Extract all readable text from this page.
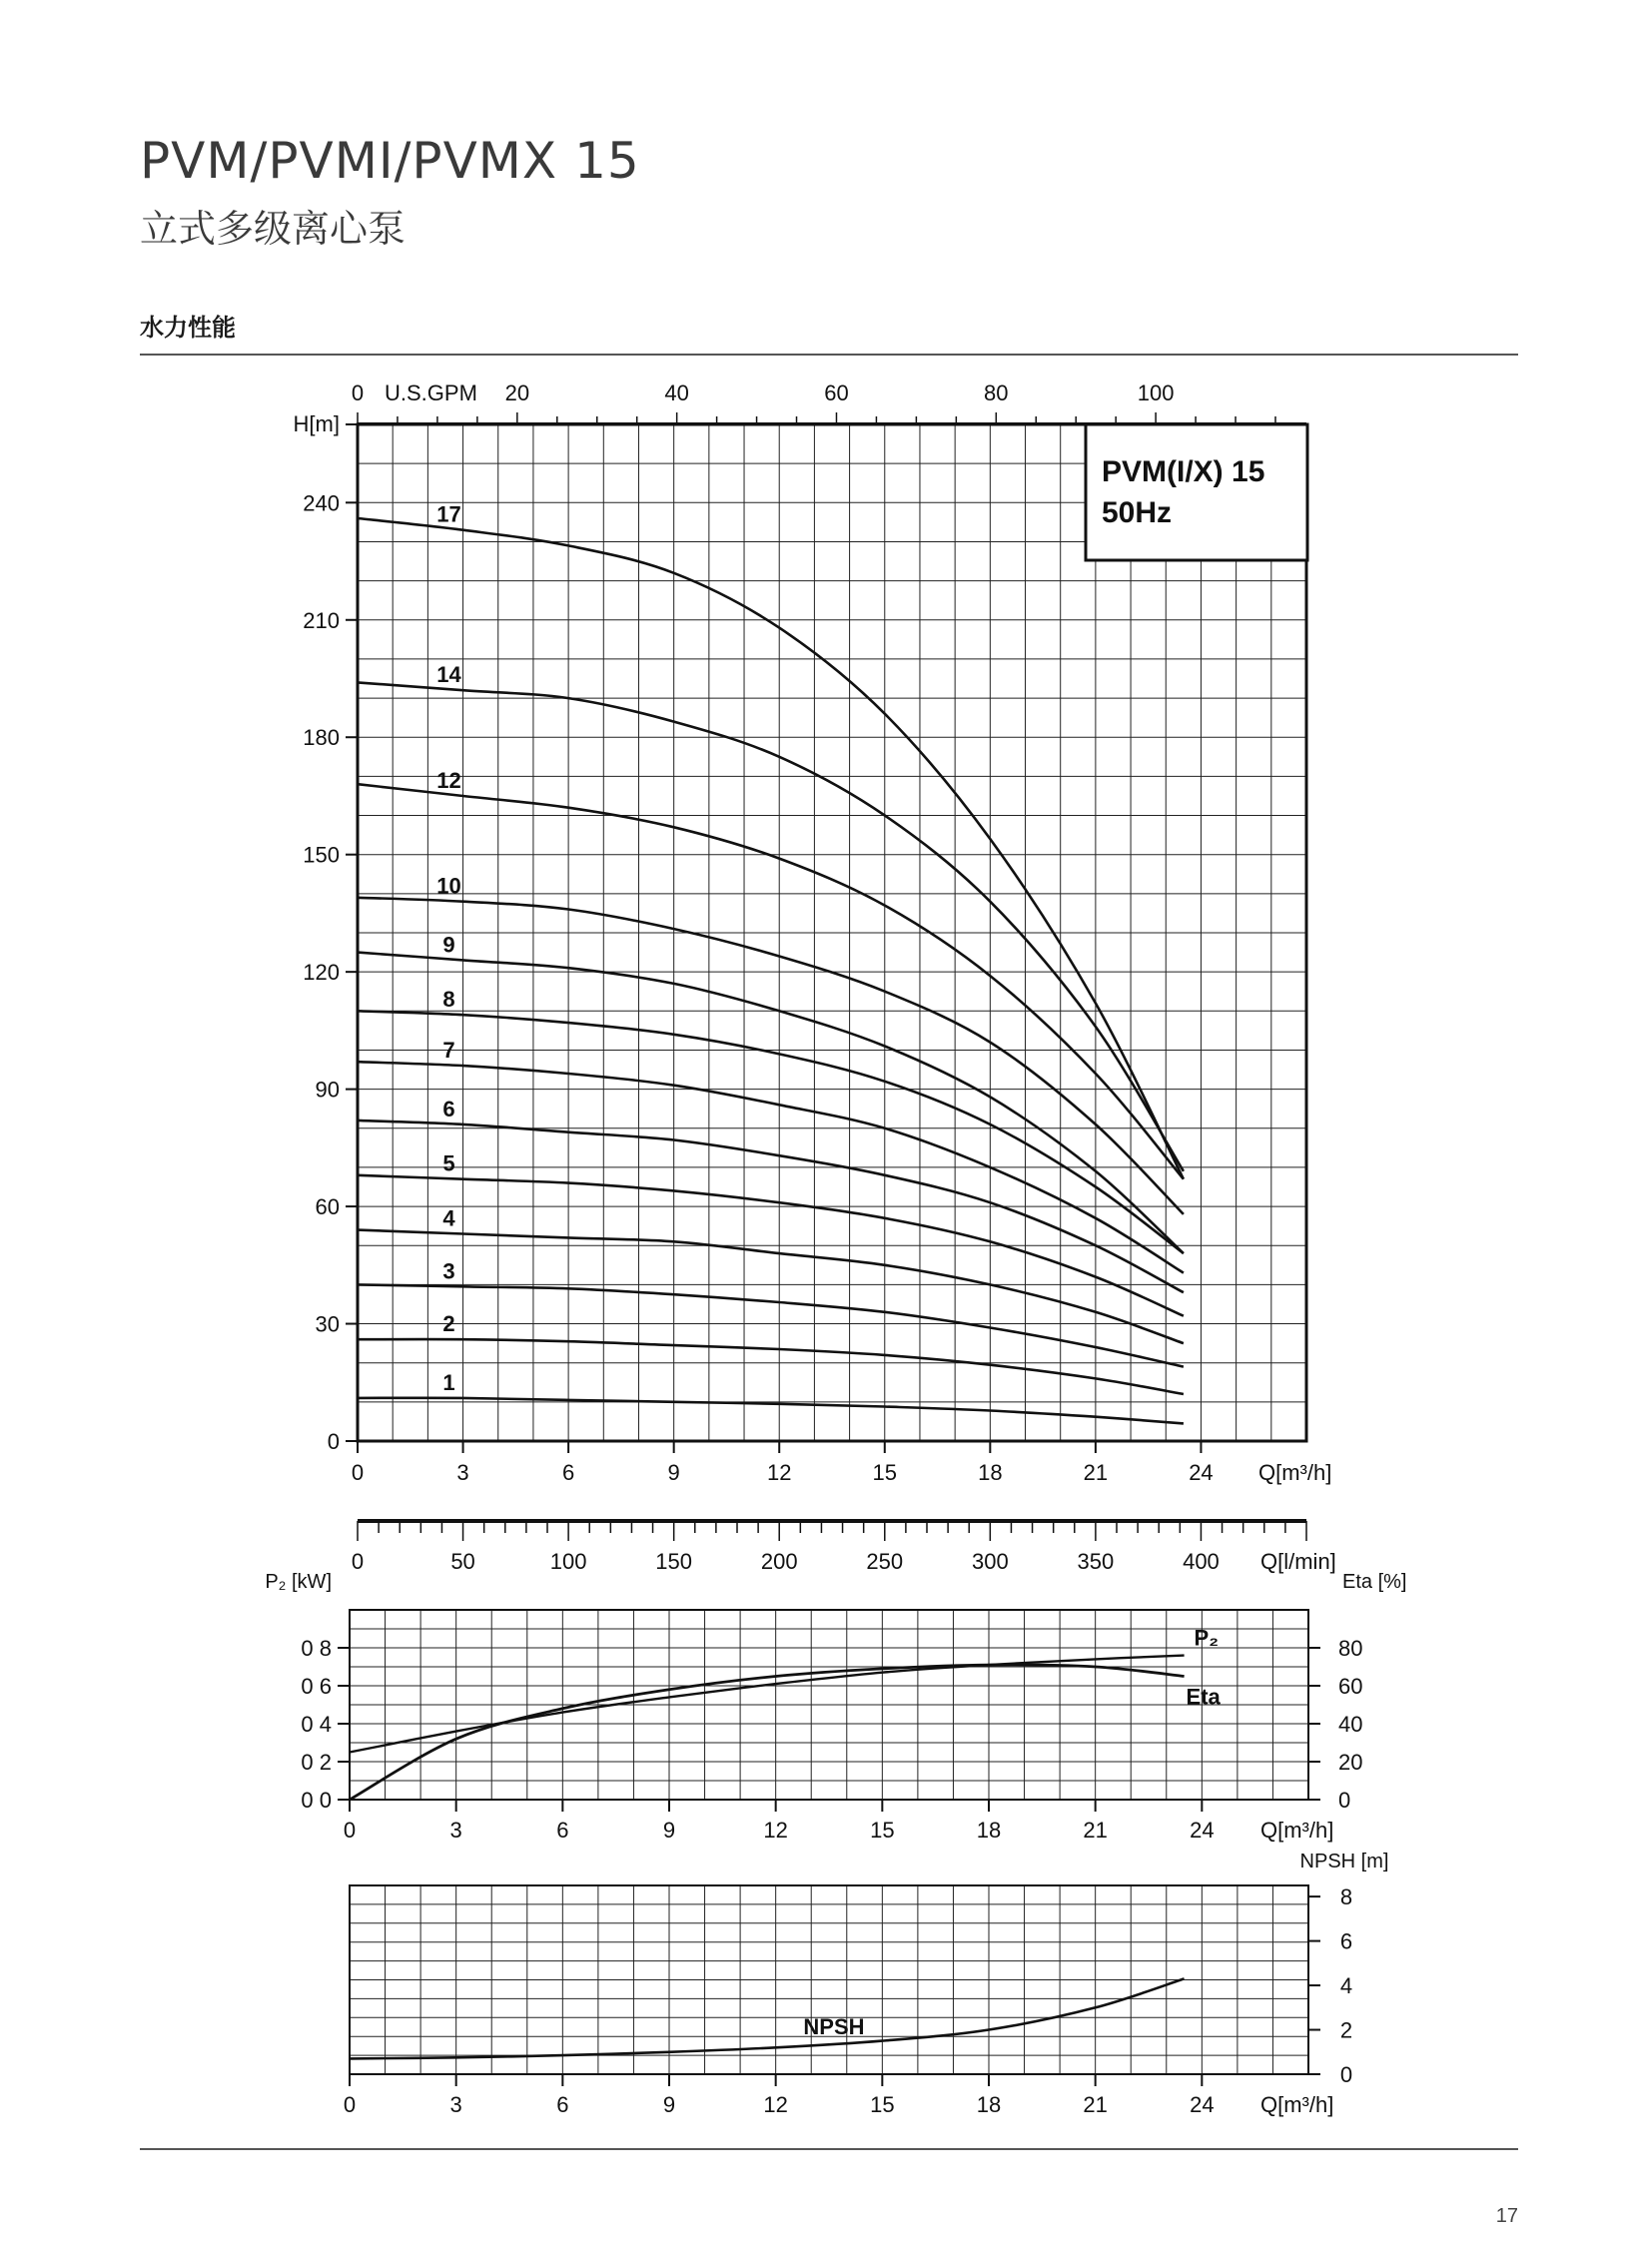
PVM/PVMI/PVMX 15
立式多级离心泵
水力性能
17
0
30
60
90
120
150
180
210
240
H[m]
0	3	6	9	12	15	18	21	24 Q[m³/h]
0	20	40	60	80	100
U.S.GPM
PVM(I/X) 15
50Hz
17
14
12
10
9
8
7
6
5
4
3
2
1
0	50	100	150	200	250	300	350	400 Q[l/min]
0 0
0 2
0 4
0 6
0 8
P₂ [kW]
0
20
40
60
80
Eta [%]
0	3	6	9	12	15	18	21	24 Q[m³/h]
P₂
Eta
0
2
4
6
8
NPSH [m]
0	3	6	9	12	15	18	21	24 Q[m³/h]
NPSH
